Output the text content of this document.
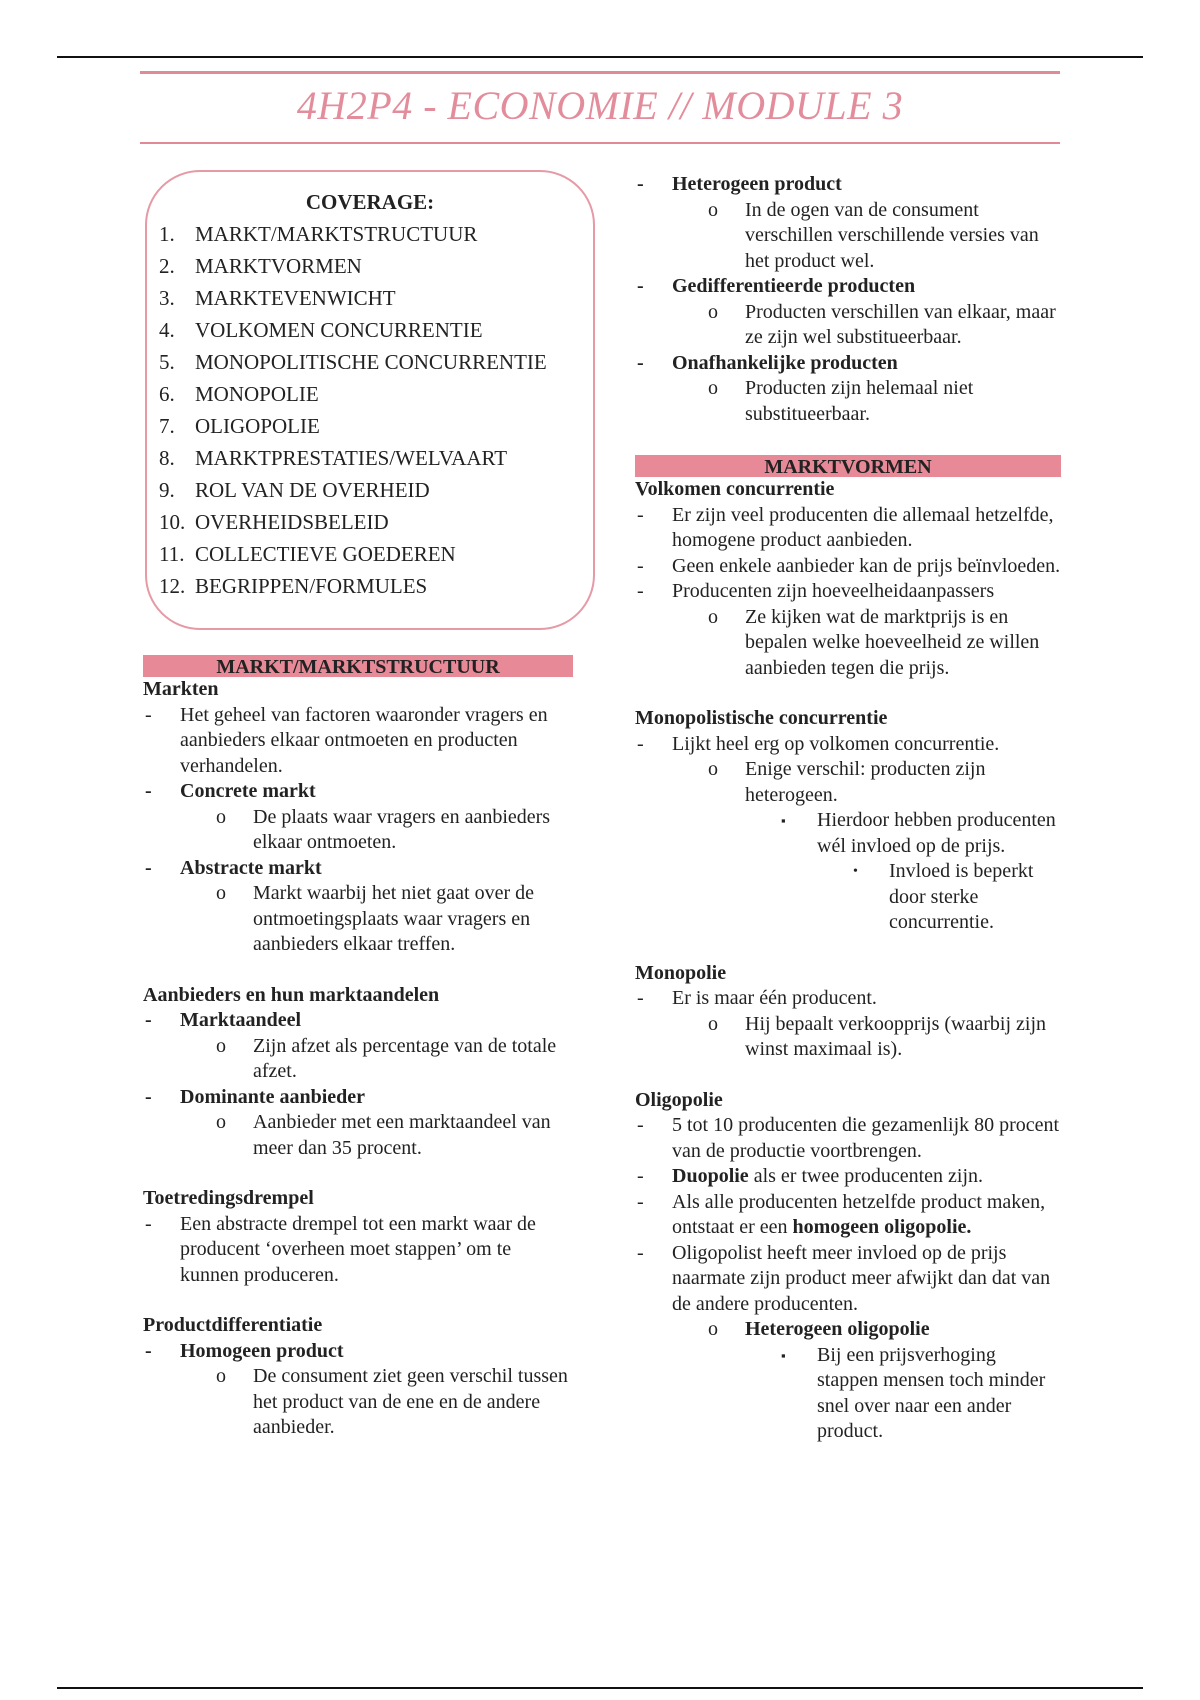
4H2P4 - ECONOMIE // MODULE 3
COVERAGE:
1. MARKT/MARKTSTRUCTUUR
2. MARKTVORMEN
3. MARKTEVENWICHT
4. VOLKOMEN CONCURRENTIE
5. MONOPOLITISCHE CONCURRENTIE
6. MONOPOLIE
7. OLIGOPOLIE
8. MARKTPRESTATIES/WELVAART
9. ROL VAN DE OVERHEID
10. OVERHEIDSBELEID
11. COLLECTIEVE GOEDEREN
12. BEGRIPPEN/FORMULES
MARKT/MARKTSTRUCTUUR
Markten
- Het geheel van factoren waaronder vragers en aanbieders elkaar ontmoeten en producten verhandelen.
- Concrete markt
o De plaats waar vragers en aanbieders elkaar ontmoeten.
- Abstracte markt
o Markt waarbij het niet gaat over de ontmoetingsplaats waar vragers en aanbieders elkaar treffen.
Aanbieders en hun marktaandelen
- Marktaandeel
o Zijn afzet als percentage van de totale afzet.
- Dominante aanbieder
o Aanbieder met een marktaandeel van meer dan 35 procent.
Toetredingsdrempel
- Een abstracte drempel tot een markt waar de producent ‘overheen moet stappen’ om te kunnen produceren.
Productdifferentiatie
- Homogeen product
o De consument ziet geen verschil tussen het product van de ene en de andere aanbieder.
- Heterogeen product
o In de ogen van de consument verschillen verschillende versies van het product wel.
- Gedifferentieerde producten
o Producten verschillen van elkaar, maar ze zijn wel substitueerbaar.
- Onafhankelijke producten
o Producten zijn helemaal niet substitueerbaar.
MARKTVORMEN
Volkomen concurrentie
- Er zijn veel producenten die allemaal hetzelfde, homogene product aanbieden.
- Geen enkele aanbieder kan de prijs beïnvloeden.
- Producenten zijn hoeveelheidaanpassers
o Ze kijken wat de marktprijs is en bepalen welke hoeveelheid ze willen aanbieden tegen die prijs.
Monopolistische concurrentie
- Lijkt heel erg op volkomen concurrentie.
o Enige verschil: producten zijn heterogeen.
▪ Hierdoor hebben producenten wél invloed op de prijs.
• Invloed is beperkt door sterke concurrentie.
Monopolie
- Er is maar één producent.
o Hij bepaalt verkoopprijs (waarbij zijn winst maximaal is).
Oligopolie
- 5 tot 10 producenten die gezamenlijk 80 procent van de productie voortbrengen.
- Duopolie als er twee producenten zijn.
- Als alle producenten hetzelfde product maken, ontstaat er een homogeen oligopolie.
- Oligopolist heeft meer invloed op de prijs naarmate zijn product meer afwijkt dan dat van de andere producenten.
o Heterogeen oligopolie
▪ Bij een prijsverhoging stappen mensen toch minder snel over naar een ander product.
